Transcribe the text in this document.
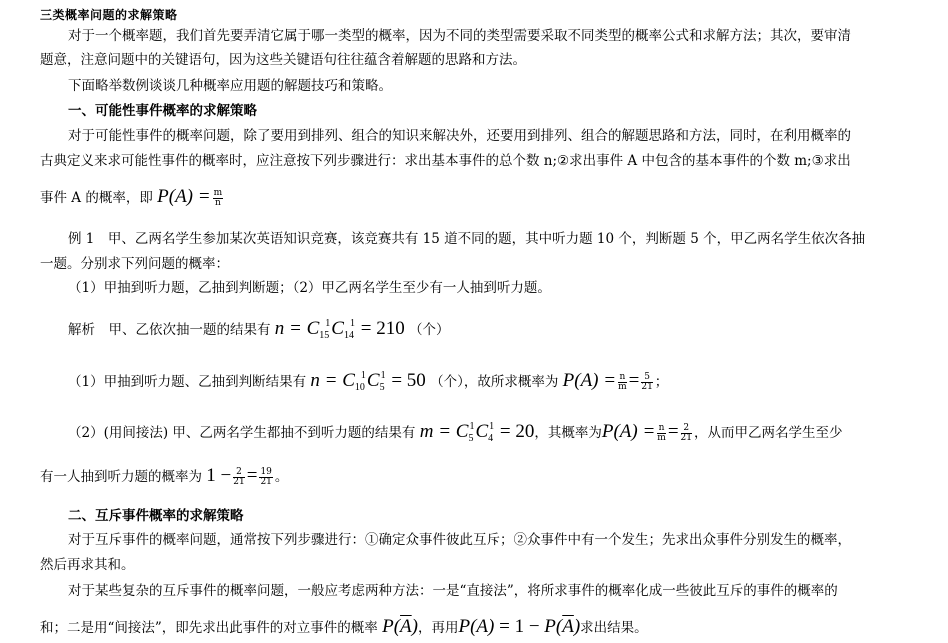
三类概率问题的求解策略
对于一个概率题，我们首先要弄清它属于哪一类型的概率，因为不同的类型需要采取不同类型的概率公式和求解方法；其次，要审清
题意，注意问题中的关键语句，因为这些关键语句往往蕴含着解题的思路和方法。
下面略举数例谈谈几种概率应用题的解题技巧和策略。
一、可能性事件概率的求解策略
对于可能性事件的概率问题，除了要用到排列、组合的知识来解决外，还要用到排列、组合的解题思路和方法，同时，在利用概率的
古典定义来求可能性事件的概率时，应注意按下列步骤进行：求出基本事件的总个数 n;②求出事件 A 中包含的基本事件的个数 m;③求出
事件 A 的概率，即 $P(A) = \frac{m}{n}$
例 1　甲、乙两名学生参加某次英语知识竞赛，该竞赛共有 15 道不同的题，其中听力题 10 个，判断题 5 个，甲乙两名学生依次各抽
一题。分别求下列问题的概率：
（1）甲抽到听力题，乙抽到判断题；（2）甲乙两名学生至少有一人抽到听力题。
解析　甲、乙依次抽一题的结果有 $n = C_{15}^1C_{14}^1 = 210$ （个）
（1）甲抽到听力题、乙抽到判断结果有 $n = C_{10}^1C_5^1 = 50$ （个），故所求概率为 $P(A) = \frac{n}{m} = \frac{5}{21}$ ；
（2）(用间接法) 甲、乙两名学生都抽不到听力题的结果有 $m = C_5^1C_4^1 = 20$，其概率为$P(A) = \frac{n}{m} = \frac{2}{21}$ ，从而甲乙两名学生至少
有一人抽到听力题的概率为 $1 - \frac{2}{21} = \frac{19}{21}$ 。
二、互斥事件概率的求解策略
对于互斥事件的概率问题，通常按下列步骤进行：①确定众事件彼此互斥；②众事件中有一个发生；先求出众事件分别发生的概率，
然后再求其和。
对于某些复杂的互斥事件的概率问题，一般应考虑两种方法：一是“直接法”，将所求事件的概率化成一些彼此互斥的事件的概率的
和；二是用“间接法”，即先求出此事件的对立事件的概率 $P(\overline{A})$，再用$P(A) = 1 - P(\overline{A})$求出结果。
